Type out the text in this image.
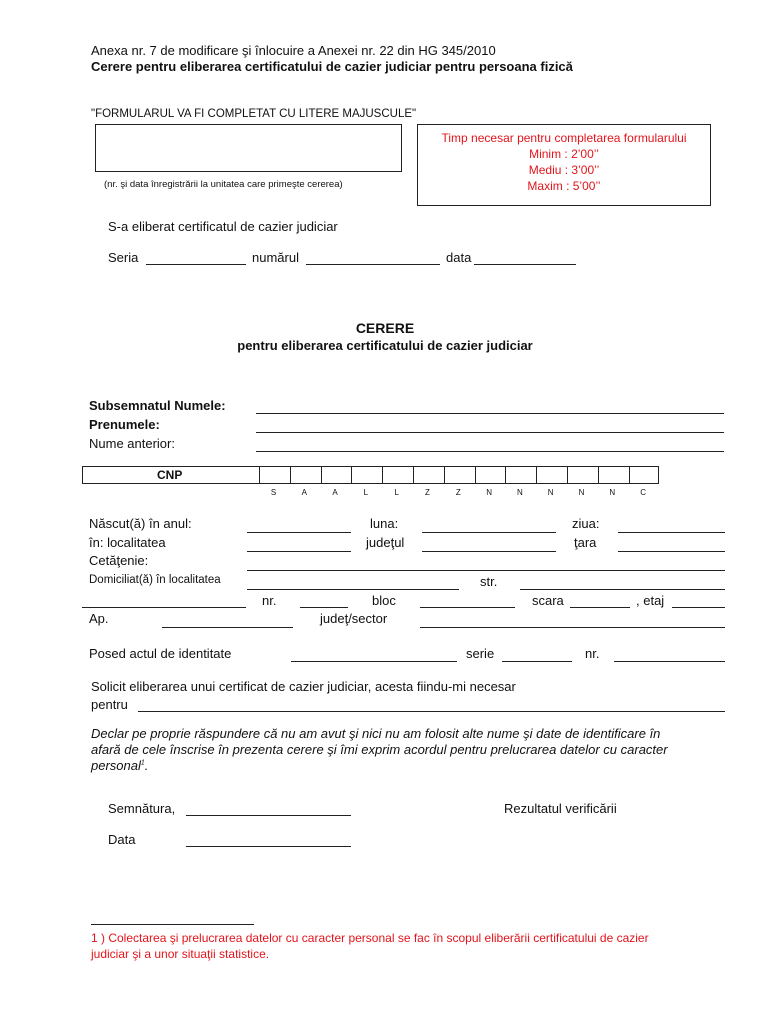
Anexa nr. 7 de modificare şi înlocuire a Anexei nr. 22 din HG 345/2010
Cerere pentru eliberarea certificatului de cazier judiciar pentru persoana fizică
"FORMULARUL VA FI COMPLETAT CU LITERE MAJUSCULE"
(nr. şi data înregistrării la unitatea care primeşte cererea)
Timp necesar pentru completarea formularului
Minim : 2’00’’
Mediu : 3’00’’
Maxim : 5’00’’
S-a eliberat certificatul de cazier judiciar
Seria	numărul	data
CERERE
pentru eliberarea certificatului de cazier judiciar
Subsemnatul Numele:
Prenumele:
Nume anterior:
CNP
S	A	A	L	L	Z	Z	N	N	N	N	N	C
Născut(ă) în anul:	luna:	ziua:
în: localitatea	judeţul	ţara
Cetăţenie:
Domiciliat(ă) în localitatea	str.
nr.	bloc	scara	, etaj
Ap.	judeţ/sector
Posed actul de identitate	serie	nr.
Solicit eliberarea unui certificat de cazier judiciar, acesta fiindu-mi necesar
pentru
Declar pe proprie răspundere că nu am avut şi nici nu am folosit alte nume şi date de identificare în
afară de cele înscrise în prezenta cerere şi îmi exprim acordul pentru prelucrarea datelor cu caracter
personal$^1$.
Semnătura,	Rezultatul verificării
Data
1 ) Colectarea şi prelucrarea datelor cu caracter personal se fac în scopul eliberării certificatului de cazier
judiciar şi a unor situaţii statistice.
